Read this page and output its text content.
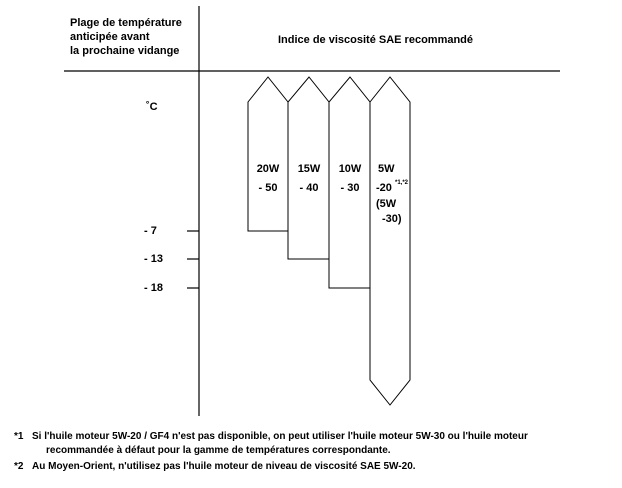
Plage de température
anticipée avant
la prochaine vidange
Indice de viscosité SAE recommandé
˚C
- 7
- 13
- 18
20W
- 50
15W
- 40
10W
- 30
5W
-20 *1,*2
(5W
-30)
*1 Si l'huile moteur 5W-20 / GF4 n'est pas disponible, on peut utiliser l'huile moteur 5W-30 ou l'huile moteur
recommandée à défaut pour la gamme de températures correspondante.
*2 Au Moyen-Orient, n'utilisez pas l'huile moteur de niveau de viscosité SAE 5W-20.
